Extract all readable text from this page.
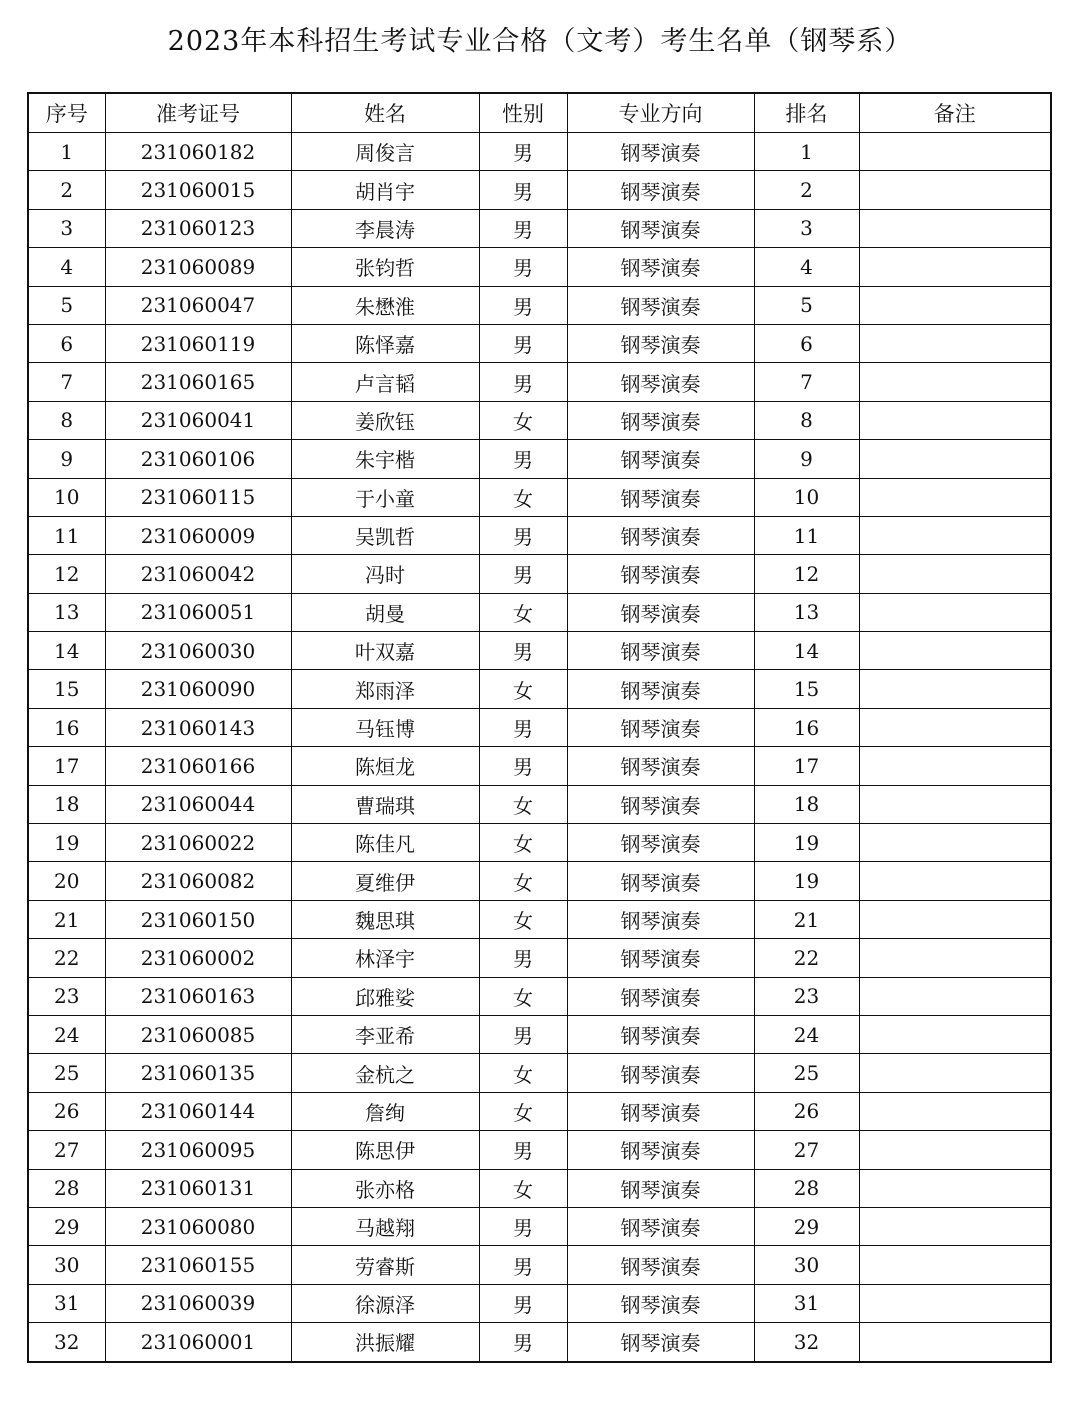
2023年本科招生考试专业合格（文考）考生名单（钢琴系）
序号	准考证号	姓名	性别	专业方向	排名	备注
1	231060182	周俊言	男	钢琴演奏	1	
2	231060015	胡肖宇	男	钢琴演奏	2	
3	231060123	李晨涛	男	钢琴演奏	3	
4	231060089	张钧哲	男	钢琴演奏	4	
5	231060047	朱懋淮	男	钢琴演奏	5	
6	231060119	陈怿嘉	男	钢琴演奏	6	
7	231060165	卢言韬	男	钢琴演奏	7	
8	231060041	姜欣钰	女	钢琴演奏	8	
9	231060106	朱宇楷	男	钢琴演奏	9	
10	231060115	于小童	女	钢琴演奏	10	
11	231060009	吴凯哲	男	钢琴演奏	11	
12	231060042	冯时	男	钢琴演奏	12	
13	231060051	胡曼	女	钢琴演奏	13	
14	231060030	叶双嘉	男	钢琴演奏	14	
15	231060090	郑雨泽	女	钢琴演奏	15	
16	231060143	马钰博	男	钢琴演奏	16	
17	231060166	陈烜龙	男	钢琴演奏	17	
18	231060044	曹瑞琪	女	钢琴演奏	18	
19	231060022	陈佳凡	女	钢琴演奏	19	
20	231060082	夏维伊	女	钢琴演奏	19	
21	231060150	魏思琪	女	钢琴演奏	21	
22	231060002	林泽宇	男	钢琴演奏	22	
23	231060163	邱雅娑	女	钢琴演奏	23	
24	231060085	李亚希	男	钢琴演奏	24	
25	231060135	金杭之	女	钢琴演奏	25	
26	231060144	詹绚	女	钢琴演奏	26	
27	231060095	陈思伊	男	钢琴演奏	27	
28	231060131	张亦格	女	钢琴演奏	28	
29	231060080	马越翔	男	钢琴演奏	29	
30	231060155	劳睿斯	男	钢琴演奏	30	
31	231060039	徐源泽	男	钢琴演奏	31	
32	231060001	洪振耀	男	钢琴演奏	32	
